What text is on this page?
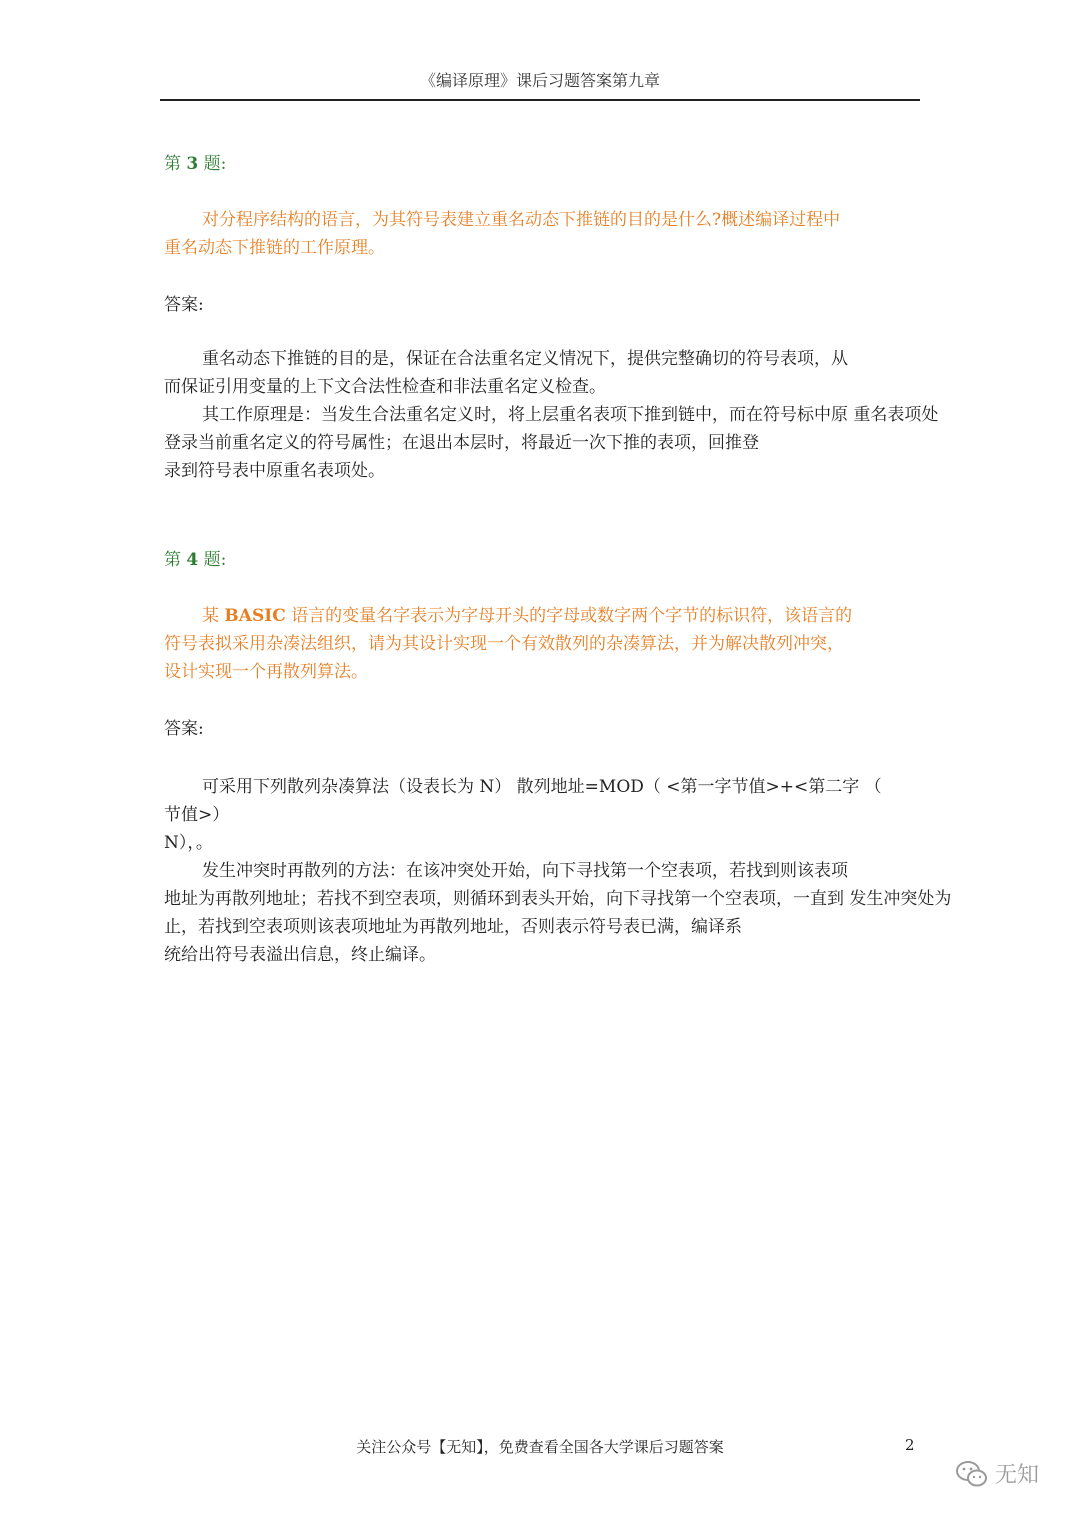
《编译原理》课后习题答案第九章
第 3 题:
对分程序结构的语言，为其符号表建立重名动态下推链的目的是什么?概述编译过程中
重名动态下推链的工作原理。
答案:
重名动态下推链的目的是，保证在合法重名定义情况下，提供完整确切的符号表项，从
而保证引用变量的上下文合法性检查和非法重名定义检查。
其工作原理是：当发生合法重名定义时，将上层重名表项下推到链中，而在符号标中原 重名表项处
登录当前重名定义的符号属性；在退出本层时，将最近一次下推的表项，回推登
录到符号表中原重名表项处。
第 4 题:
某 BASIC 语言的变量名字表示为字母开头的字母或数字两个字节的标识符，该语言的
符号表拟采用杂凑法组织，请为其设计实现一个有效散列的杂凑算法，并为解决散列冲突，
设计实现一个再散列算法。
答案:
可采用下列散列杂凑算法（设表长为 N） 散列地址=MOD（ <第一字节值>+<第二字 （
节值>）
N），。
发生冲突时再散列的方法：在该冲突处开始，向下寻找第一个空表项，若找到则该表项
地址为再散列地址；若找不到空表项，则循环到表头开始，向下寻找第一个空表项，一直到 发生冲突处为
止，若找到空表项则该表项地址为再散列地址，否则表示符号表已满，编译系
统给出符号表溢出信息，终止编译。
关注公众号【无知】，免费查看全国各大学课后习题答案	2
无知
